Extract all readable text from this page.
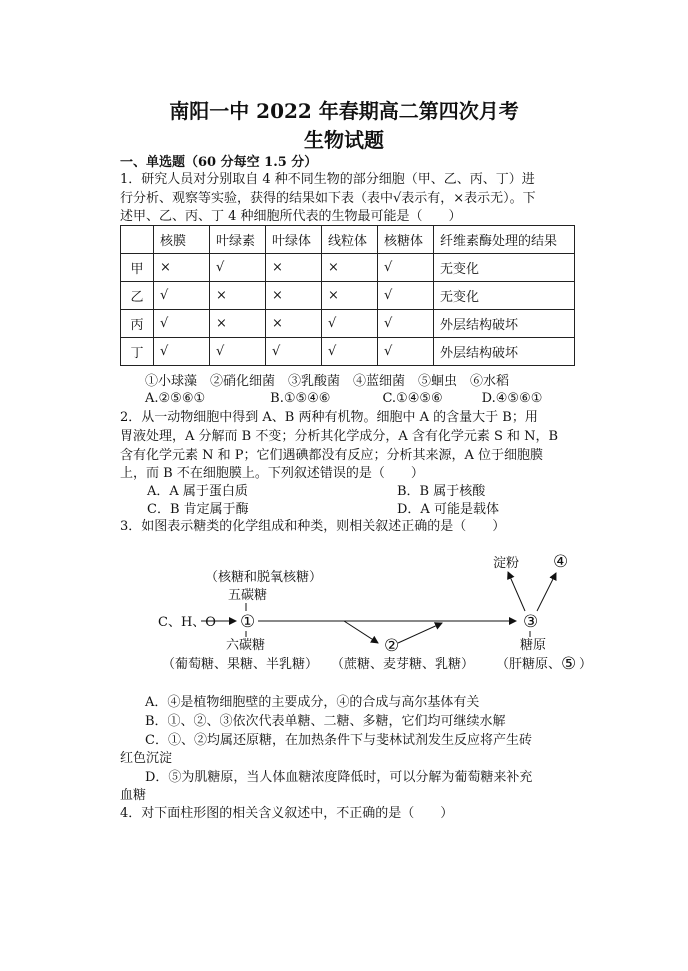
南阳一中 2022 年春期高二第四次月考
生物试题
一、单选题（60 分每空 1.5 分）
1．研究人员对分别取自 4 种不同生物的部分细胞（甲、乙、丙、丁）进
行分析、观察等实验，获得的结果如下表（表中√表示有，×表示无）。下
述甲、乙、丙、丁 4 种细胞所代表的生物最可能是（　　）
	核膜	叶绿素	叶绿体	线粒体	核糖体	纤维素酶处理的结果
甲	×	√	×	×	√	无变化
乙	√	×	×	×	√	无变化
丙	√	×	×	√	√	外层结构破坏
丁	√	√	√	√	√	外层结构破坏
①小球藻　②硝化细菌　③乳酸菌　④蓝细菌　⑤蛔虫　⑥水稻
A.②⑤⑥①　　　　　B.①⑤④⑥　　　　C.①④⑤⑥　　　D.④⑤⑥①
2．从一动物细胞中得到 A、B 两种有机物。细胞中 A 的含量大于 B；用
胃液处理，A 分解而 B 不变；分析其化学成分，A 含有化学元素 S 和 N，B
含有化学元素 N 和 P；它们遇碘都没有反应；分析其来源，A 位于细胞膜
上，而 B 不在细胞膜上。下列叙述错误的是（　　）
A．A 属于蛋白质	B．B 属于核酸
C．B 肯定属于酶	D．A 可能是载体
3．如图表示糖类的化学组成和种类，则相关叙述正确的是（　　）
（核糖和脱氧核糖）
五碳糖
C、H、O ①
六碳糖
（葡萄糖、果糖、半乳糖）
②
（蔗糖、麦芽糖、乳糖）
③
淀粉 ④
糖原
（肝糖原、 ⑤ ）
A．④是植物细胞壁的主要成分，④的合成与高尔基体有关
B．①、②、③依次代表单糖、二糖、多糖，它们均可继续水解
C．①、②均属还原糖，在加热条件下与斐林试剂发生反应将产生砖
红色沉淀
D．⑤为肌糖原，当人体血糖浓度降低时，可以分解为葡萄糖来补充
血糖
4．对下面柱形图的相关含义叙述中，不正确的是（　　）
